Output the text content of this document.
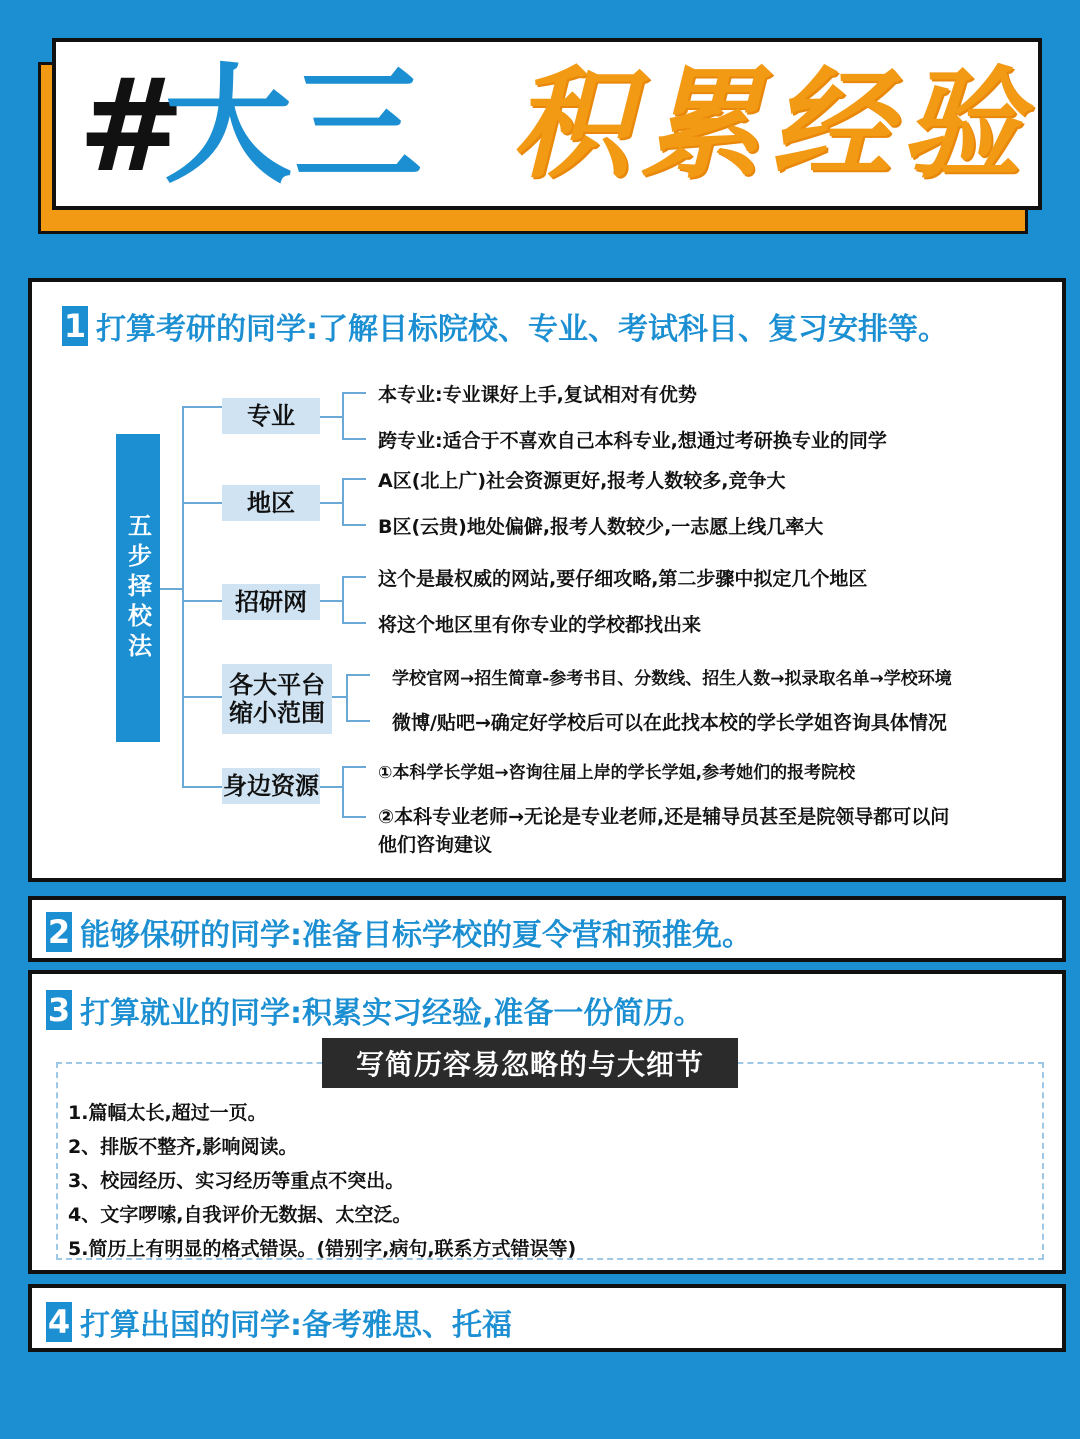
#
大三 积累经验
1 打算考研的同学:了解目标院校、专业、考试科目、复习安排等。
五步择校法
专业
地区
招研网
各大平台缩小范围
身边资源
本专业:专业课好上手,复试相对有优势
跨专业:适合于不喜欢自己本科专业,想通过考研换专业的同学
A区(北上广)社会资源更好,报考人数较多,竞争大
B区(云贵)地处偏僻,报考人数较少,一志愿上线几率大
这个是最权威的网站,要仔细攻略,第二步骤中拟定几个地区
将这个地区里有你专业的学校都找出来
学校官网→招生简章-参考书目、分数线、招生人数→拟录取名单→学校环境
微博/贴吧→确定好学校后可以在此找本校的学长学姐咨询具体情况
①本科学长学姐→咨询往届上岸的学长学姐,参考她们的报考院校
②本科专业老师→无论是专业老师,还是辅导员甚至是院领导都可以问
他们咨询建议
2 能够保研的同学:准备目标学校的夏令营和预推免。
3 打算就业的同学:积累实习经验,准备一份简历。
写简历容易忽略的与大细节
1.篇幅太长,超过一页。
2、排版不整齐,影响阅读。
3、校园经历、实习经历等重点不突出。
4、文字啰嗦,自我评价无数据、太空泛。
5.简历上有明显的格式错误。(错别字,病句,联系方式错误等)
4 打算出国的同学:备考雅思、托福
